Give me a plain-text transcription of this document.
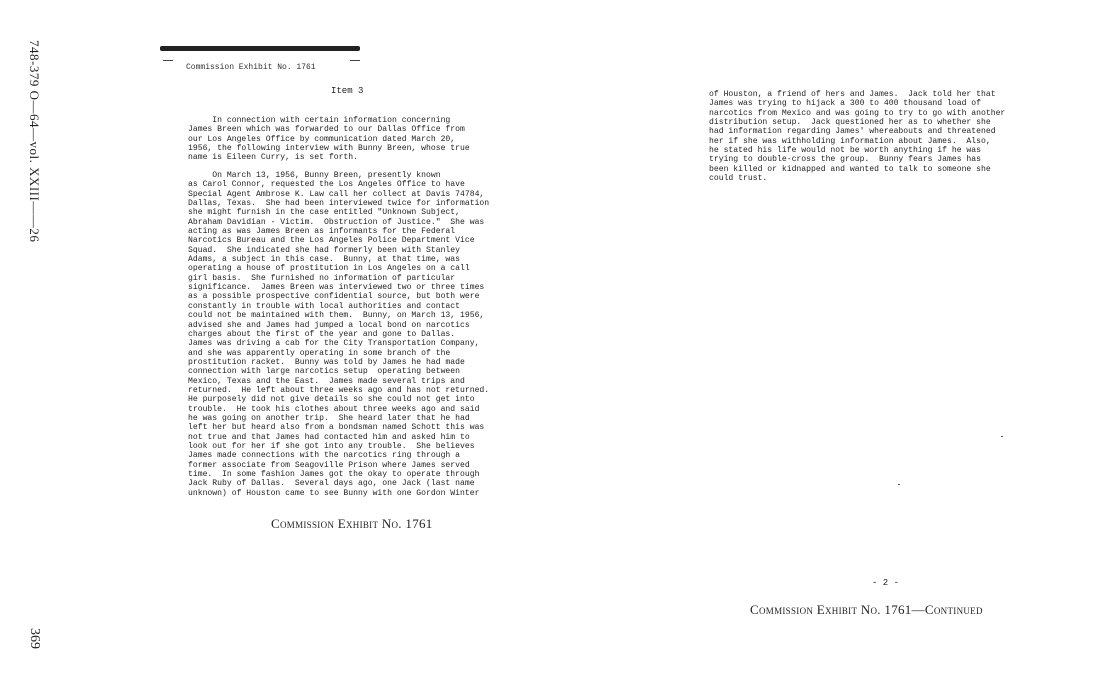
748-379 O—64—vol. XXIII——26
369
Commission Exhibit No. 1761
Item 3
In connection with certain information concerning
James Breen which was forwarded to our Dallas Office from
our Los Angeles Office by communication dated March 20,
1956, the following interview with Bunny Breen, whose true
name is Eileen Curry, is set forth.
On March 13, 1956, Bunny Breen, presently known
as Carol Connor, requested the Los Angeles Office to have
Special Agent Ambrose K. Law call her collect at Davis 74784,
Dallas, Texas.  She had been interviewed twice for information
she might furnish in the case entitled "Unknown Subject,
Abraham Davidian - Victim.  Obstruction of Justice."  She was
acting as was James Breen as informants for the Federal
Narcotics Bureau and the Los Angeles Police Department Vice
Squad.  She indicated she had formerly been with Stanley
Adams, a subject in this case.  Bunny, at that time, was
operating a house of prostitution in Los Angeles on a call
girl basis.  She furnished no information of particular
significance.  James Breen was interviewed two or three times
as a possible prospective confidential source, but both were
constantly in trouble with local authorities and contact
could not be maintained with them.  Bunny, on March 13, 1956,
advised she and James had jumped a local bond on narcotics
charges about the first of the year and gone to Dallas.
James was driving a cab for the City Transportation Company,
and she was apparently operating in some branch of the
prostitution racket.  Bunny was told by James he had made
connection with large narcotics setup  operating between
Mexico, Texas and the East.  James made several trips and
returned.  He left about three weeks ago and has not returned.
He purposely did not give details so she could not get into
trouble.  He took his clothes about three weeks ago and said
he was going on another trip.  She heard later that he had
left her but heard also from a bondsman named Schott this was
not true and that James had contacted him and asked him to
look out for her if she got into any trouble.  She believes
James made connections with the narcotics ring through a
former associate from Seagoville Prison where James served
time.  In some fashion James got the okay to operate through
Jack Ruby of Dallas.  Several days ago, one Jack (last name
unknown) of Houston came to see Bunny with one Gordon Winter
Commission Exhibit No. 1761
of Houston, a friend of hers and James.  Jack told her that
James was trying to hijack a 300 to 400 thousand load of
narcotics from Mexico and was going to try to go with another
distribution setup.  Jack questioned her as to whether she
had information regarding James' whereabouts and threatened
her if she was withholding information about James.  Also,
he stated his life would not be worth anything if he was
trying to double-cross the group.  Bunny fears James has
been killed or kidnapped and wanted to talk to someone she
could trust.
- 2 -
Commission Exhibit No. 1761—Continued
